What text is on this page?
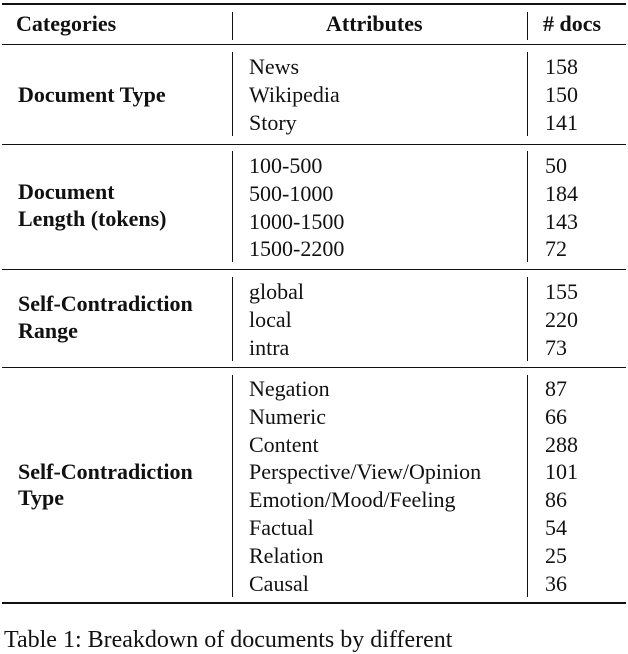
Categories	Attributes	# docs
Document Type
News
Wikipedia
Story
158
150
141
Document
Length (tokens)
100-500
500-1000
1000-1500
1500-2200
50
184
143
72
Self-Contradiction
Range
global
local
intra
155
220
73
Self-Contradiction
Type
Negation
Numeric
Content
Perspective/View/Opinion
Emotion/Mood/Feeling
Factual
Relation
Causal
87
66
288
101
86
54
25
36
Table 1: Breakdown of documents by different
